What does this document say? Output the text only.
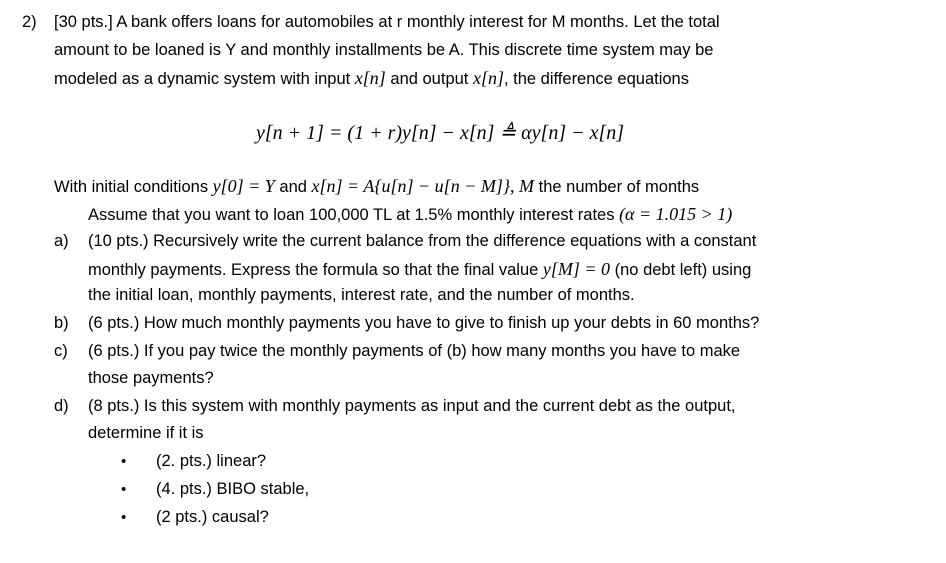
2) [30 pts.] A bank offers loans for automobiles at r monthly interest for M months. Let the total
amount to be loaned is Y and monthly installments be A. This discrete time system may be
modeled as a dynamic system with input x[n] and output x[n], the difference equations
y[n + 1] = (1 + r)y[n] − x[n] ≜ αy[n] − x[n]
With initial conditions y[0] = Y and x[n] = A{u[n] − u[n − M]}, M the number of months
Assume that you want to loan 100,000 TL at 1.5% monthly interest rates (α = 1.015 > 1)
a) (10 pts.) Recursively write the current balance from the difference equations with a constant
monthly payments. Express the formula so that the final value y[M] = 0 (no debt left) using
the initial loan, monthly payments, interest rate, and the number of months.
b) (6 pts.) How much monthly payments you have to give to finish up your debts in 60 months?
c) (6 pts.) If you pay twice the monthly payments of (b) how many months you have to make
those payments?
d) (8 pts.) Is this system with monthly payments as input and the current debt as the output,
determine if it is
• (2. pts.) linear?
• (4. pts.) BIBO stable,
• (2 pts.) causal?
